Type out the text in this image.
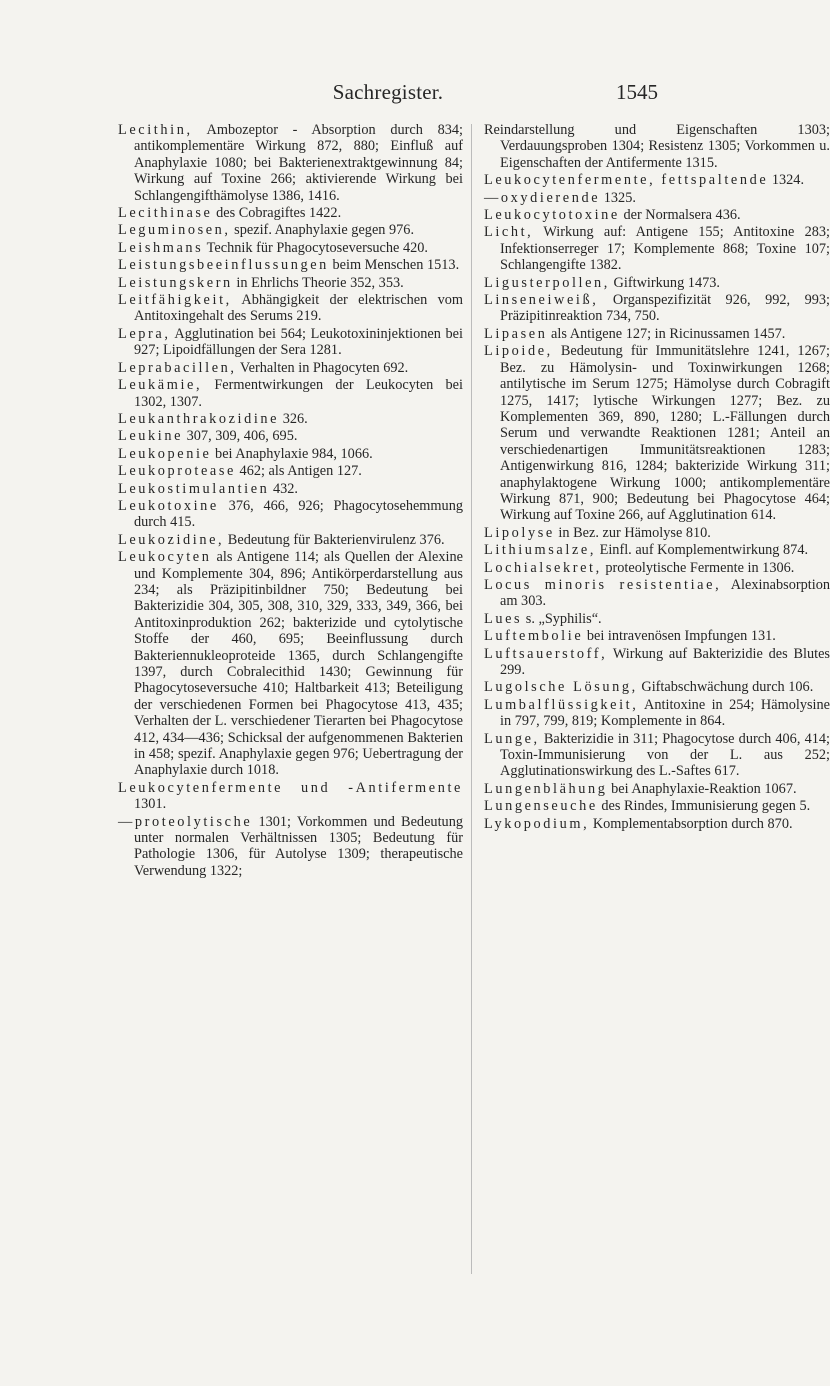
Sachregister.	1545

Lecithin, Ambozeptor - Absorption durch 834; antikomplementäre Wirkung 872, 880; Einfluß auf Anaphylaxie 1080; bei Bakterienextraktgewinnung 84; Wirkung auf Toxine 266; aktivierende Wirkung bei Schlangengifthämolyse 1386, 1416.

Lecithinase des Cobragiftes 1422.

Leguminosen, spezif. Anaphylaxie gegen 976.

Leishmans Technik für Phagocytoseversuche 420.

Leistungsbeeinflussungen beim Menschen 1513.

Leistungskern in Ehrlichs Theorie 352, 353.

Leitfähigkeit, Abhängigkeit der elektrischen vom Antitoxingehalt des Serums 219.

Lepra, Agglutination bei 564; Leukotoxininjektionen bei 927; Lipoidfällungen der Sera 1281.

Leprabacillen, Verhalten in Phagocyten 692.

Leukämie, Fermentwirkungen der Leukocyten bei 1302, 1307.

Leukanthrakozidine 326.

Leukine 307, 309, 406, 695.

Leukopenie bei Anaphylaxie 984, 1066.

Leukoprotease 462; als Antigen 127.

Leukostimulantien 432.

Leukotoxine 376, 466, 926; Phagocytosehemmung durch 415.

Leukozidine, Bedeutung für Bakterienvirulenz 376.

Leukocyten als Antigene 114; als Quellen der Alexine und Komplemente 304, 896; Antikörperdarstellung aus 234; als Präzipitinbildner 750; Bedeutung bei Bakterizidie 304, 305, 308, 310, 329, 333, 349, 366, bei Antitoxinproduktion 262; bakterizide und cytolytische Stoffe der 460, 695; Beeinflussung durch Bakteriennukleoproteide 1365, durch Schlangengifte 1397, durch Cobralecithid 1430; Gewinnung für Phagocytoseversuche 410; Haltbarkeit 413; Beteiligung der verschiedenen Formen bei Phagocytose 413, 435; Verhalten der L. verschiedener Tierarten bei Phagocytose 412, 434—436; Schicksal der aufgenommenen Bakterien in 458; spezif. Anaphylaxie gegen 976; Uebertragung der Anaphylaxie durch 1018.

Leukocytenfermente und -Antifermente 1301.

—proteolytische 1301; Vorkommen und Bedeutung unter normalen Verhältnissen 1305; Bedeutung für Pathologie 1306, für Autolyse 1309; therapeutische Verwendung 1322;

Reindarstellung und Eigenschaften 1303; Verdauungsproben 1304; Resistenz 1305; Vorkommen u. Eigenschaften der Antifermente 1315.

Leukocytenfermente, fettspaltende 1324.

—oxydierende 1325.

Leukocytotoxine der Normalsera 436.

Licht, Wirkung auf: Antigene 155; Antitoxine 283; Infektionserreger 17; Komplemente 868; Toxine 107; Schlangengifte 1382.

Ligusterpollen, Giftwirkung 1473.

Linseneiweiß, Organspezifizität 926, 992, 993; Präzipitinreaktion 734, 750.

Lipasen als Antigene 127; in Ricinussamen 1457.

Lipoide, Bedeutung für Immunitätslehre 1241, 1267; Bez. zu Hämolysin- und Toxinwirkungen 1268; antilytische im Serum 1275; Hämolyse durch Cobragift 1275, 1417; lytische Wirkungen 1277; Bez. zu Komplementen 369, 890, 1280; L.-Fällungen durch Serum und verwandte Reaktionen 1281; Anteil an verschiedenartigen Immunitätsreaktionen 1283; Antigenwirkung 816, 1284; bakterizide Wirkung 311; anaphylaktogene Wirkung 1000; antikomplementäre Wirkung 871, 900; Bedeutung bei Phagocytose 464; Wirkung auf Toxine 266, auf Agglutination 614.

Lipolyse in Bez. zur Hämolyse 810.

Lithiumsalze, Einfl. auf Komplementwirkung 874.

Lochialsekret, proteolytische Fermente in 1306.

Locus minoris resistentiae, Alexinabsorption am 303.

Lues s. „Syphilis“.

Luftembolie bei intravenösen Impfungen 131.

Luftsauerstoff, Wirkung auf Bakterizidie des Blutes 299.

Lugolsche Lösung, Giftabschwächung durch 106.

Lumbalflüssigkeit, Antitoxine in 254; Hämolysine in 797, 799, 819; Komplemente in 864.

Lunge, Bakterizidie in 311; Phagocytose durch 406, 414; Toxin-Immunisierung von der L. aus 252; Agglutinationswirkung des L.-Saftes 617.

Lungenblähung bei Anaphylaxie-Reaktion 1067.

Lungenseuche des Rindes, Immunisierung gegen 5.

Lykopodium, Komplementabsorption durch 870.
